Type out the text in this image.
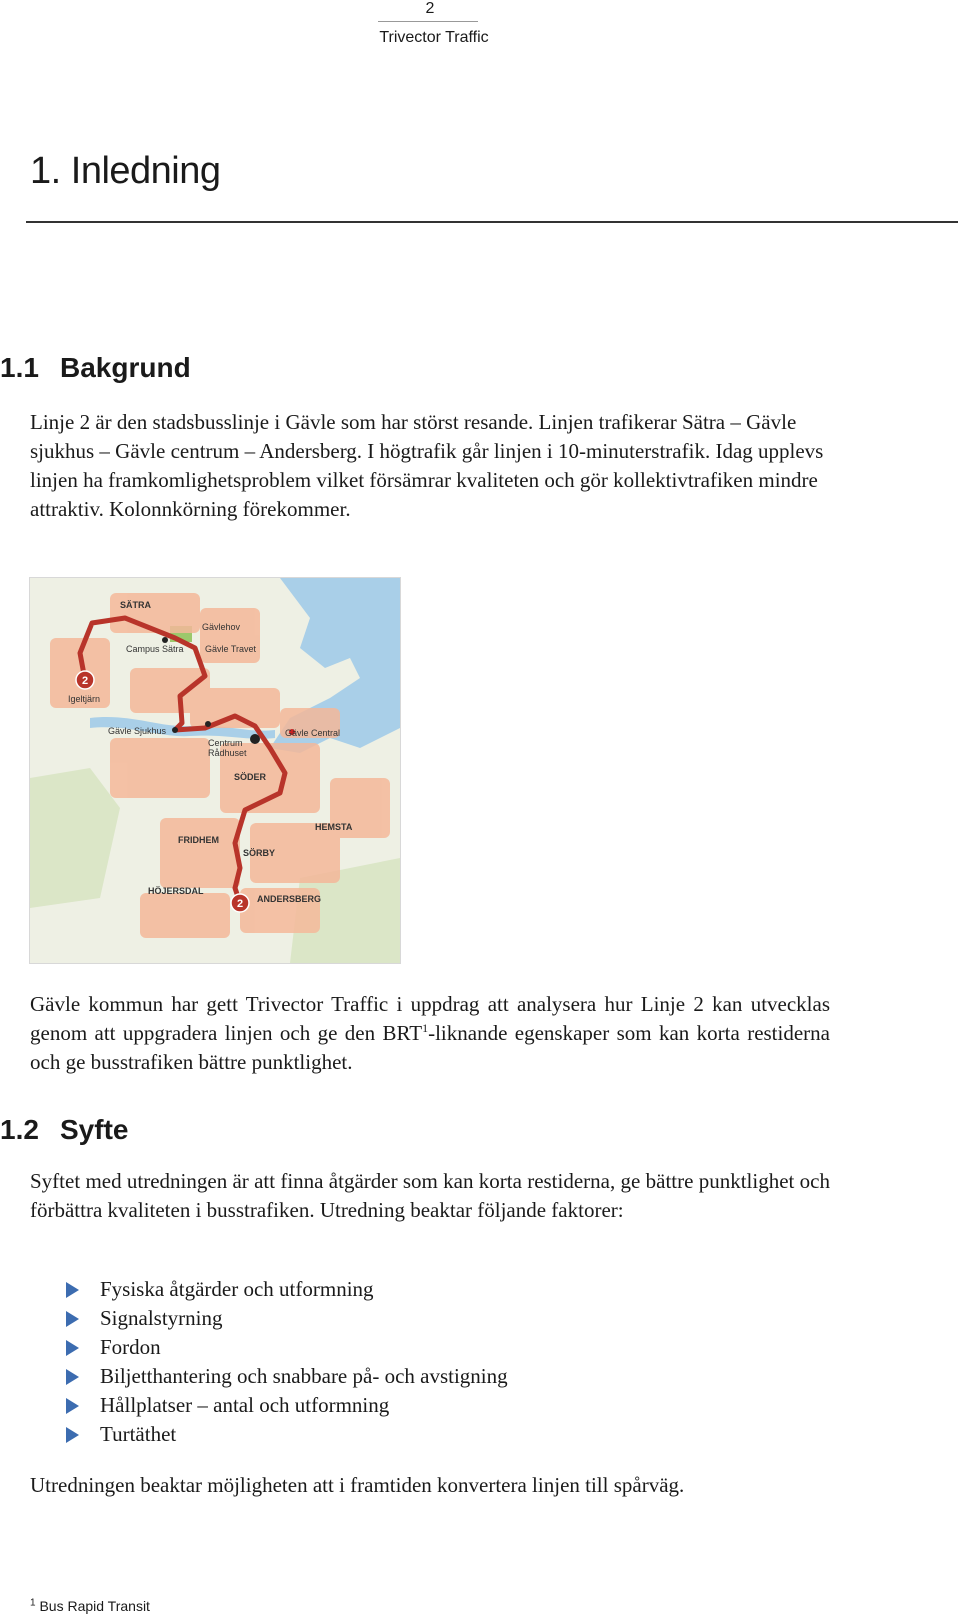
2
Trivector Traffic
1. Inledning
1.1 Bakgrund

Linje 2 är den stadsbusslinje i Gävle som har störst resande. Linjen trafikerar Sätra – Gävle sjukhus – Gävle centrum – Andersberg. I högtrafik går linjen i 10-minuterstrafik. Idag upplevs linjen ha framkomlighetsproblem vilket försämrar kvaliteten och gör kollektivtrafiken mindre attraktiv. Kolonnkörning förekommer.

2
2
SÄTRA
Gävlehov
Campus Sätra Gävle Travet
Igeltjärn
Gävle Sjukhus
Centrum
Rådhuset
Gävle Central
SÖDER
HEMSTA
FRIDHEM
SÖRBY
HÖJERSDAL
ANDERSBERG

Gävle kommun har gett Trivector Traffic i uppdrag att analysera hur Linje 2 kan utvecklas genom att uppgradera linjen och ge den BRT$^1$-liknande egenskaper som kan korta restiderna och ge busstrafiken bättre punktlighet.

1.2 Syfte

Syftet med utredningen är att finna åtgärder som kan korta restiderna, ge bättre punktlighet och förbättra kvaliteten i busstrafiken. Utredning beaktar följande faktorer:

Fysiska åtgärder och utformning
Signalstyrning
Fordon
Biljetthantering och snabbare på- och avstigning
Hållplatser – antal och utformning
Turtäthet

Utredningen beaktar möjligheten att i framtiden konvertera linjen till spårväg.

$^1$ Bus Rapid Transit
